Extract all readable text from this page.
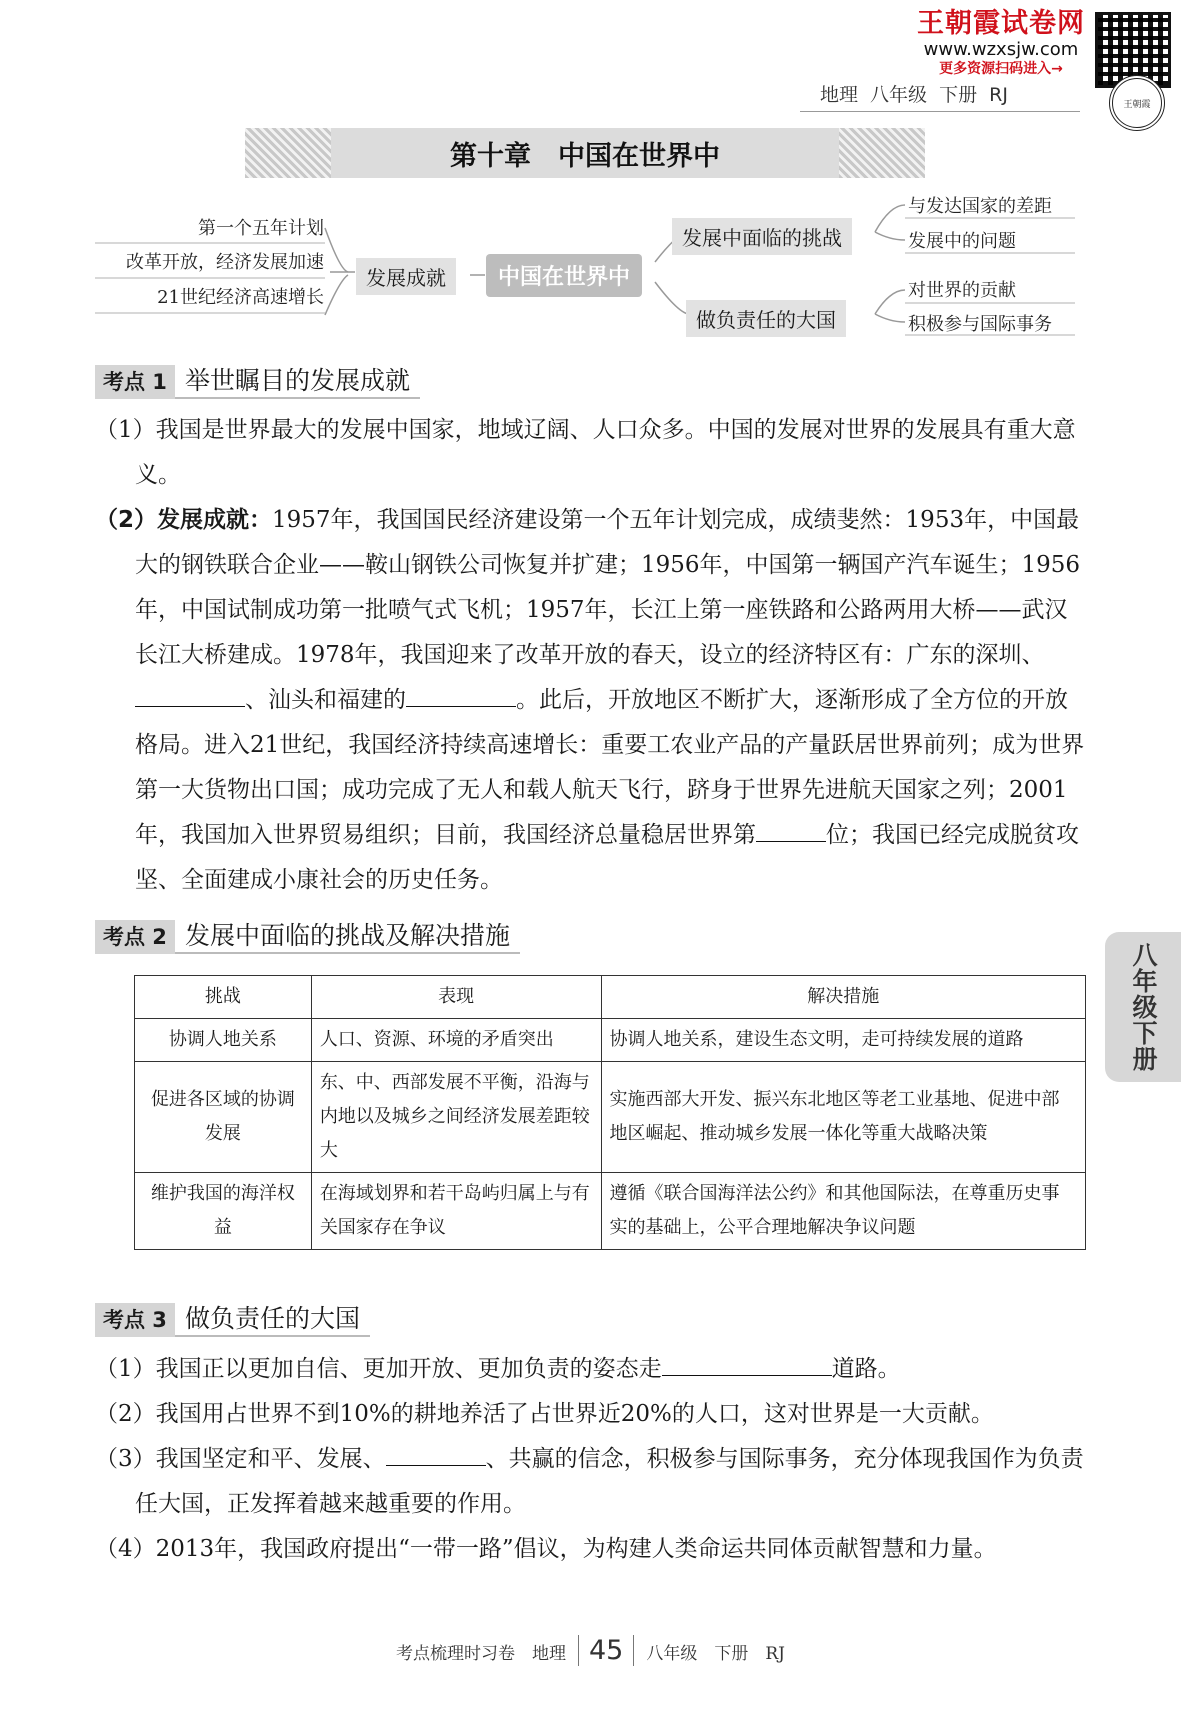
王朝霞试卷网
www.wzxsjw.com
更多资源扫码进入→
王朝霞
地理 八年级 下册 RJ
第十章　中国在世界中
第一个五年计划
改革开放，经济发展加速
21世纪经济高速增长
发展成就	中国在世界中
发展中面临的挑战
做负责任的大国
与发达国家的差距
发展中的问题
对世界的贡献
积极参与国际事务
考点 1 举世瞩目的发展成就

（1）我国是世界最大的发展中国家，地域辽阔、人口众多。中国的发展对世界的发展具有重大意义。

（2）发展成就：1957年，我国国民经济建设第一个五年计划完成，成绩斐然：1953年，中国最大的钢铁联合企业——鞍山钢铁公司恢复并扩建；1956年，中国第一辆国产汽车诞生；1956年，中国试制成功第一批喷气式飞机；1957年，长江上第一座铁路和公路两用大桥——武汉长江大桥建成。1978年，我国迎来了改革开放的春天，设立的经济特区有：广东的深圳、、汕头和福建的	。此后，开放地区不断扩大，逐渐形成了全方位的开放格局。进入21世纪，我国经济持续高速增长：重要工农业产品的产量跃居世界前列；成为世界第一大货物出口国；成功完成了无人和载人航天飞行，跻身于世界先进航天国家之列；2001年，我国加入世界贸易组织；目前，我国经济总量稳居世界第	位；我国已经完成脱贫攻坚、全面建成小康社会的历史任务。

考点 2 发展中面临的挑战及解决措施
挑战	表现	解决措施
协调人地关系	人口、资源、环境的矛盾突出	协调人地关系，建设生态文明，走可持续发展的道路
促进各区域的协调发展	东、中、西部发展不平衡，沿海与内地以及城乡之间经济发展差距较大	实施西部大开发、振兴东北地区等老工业基地、促进中部地区崛起、推动城乡发展一体化等重大战略决策
维护我国的海洋权益	在海域划界和若干岛屿归属上与有关国家存在争议	遵循《联合国海洋法公约》和其他国际法，在尊重历史事实的基础上，公平合理地解决争议问题
考点 3 做负责任的大国

（1）我国正以更加自信、更加开放、更加负责的姿态走	道路。

（2）我国用占世界不到10%的耕地养活了占世界近20%的人口，这对世界是一大贡献。

（3）我国坚定和平、发展、	、共赢的信念，积极参与国际事务，充分体现我国作为负责任大国，正发挥着越来越重要的作用。

（4）2013年，我国政府提出“一带一路”倡议，为构建人类命运共同体贡献智慧和力量。

八年级下册
考点梳理时习卷　地理 45 八年级　下册　RJ
